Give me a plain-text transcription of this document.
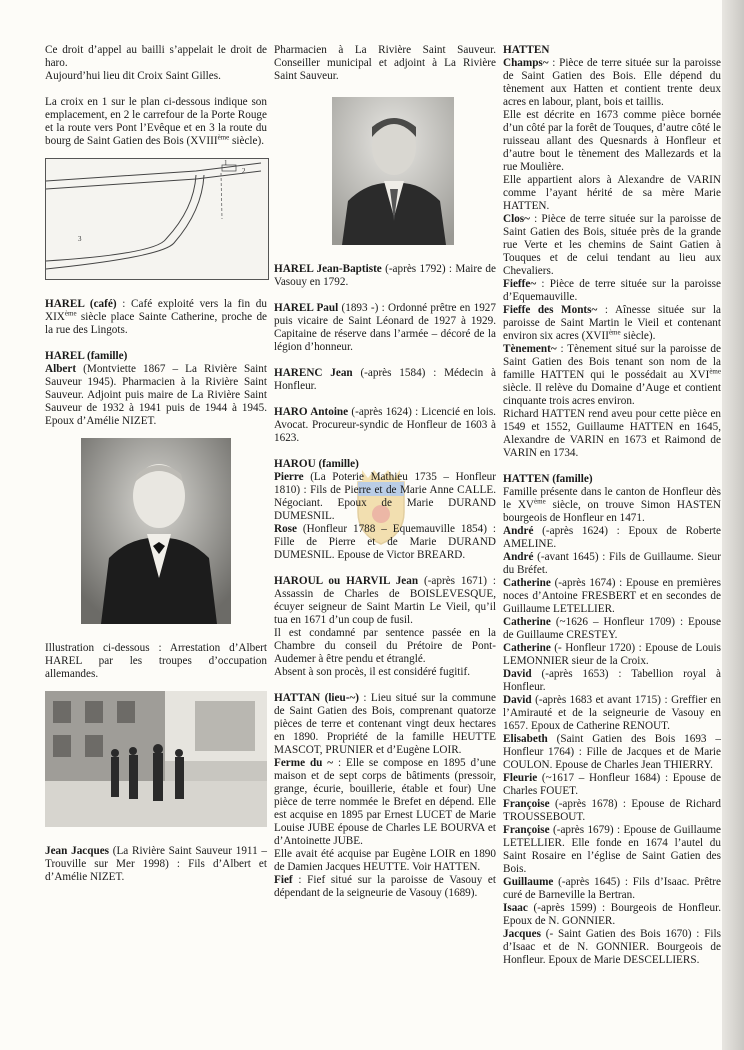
Ce droit d’appel au bailli s’appelait le droit de haro.

Aujourd’hui lieu dit Croix Saint Gilles.

La croix en 1 sur le plan ci-dessous indique son emplacement, en 2 le carrefour de la Porte Rouge et la route vers Pont l’Evêque et en 3 la route du bourg de Saint Gatien des Bois (XVIIIème siècle).

1
2
3

HAREL (café) : Café exploité vers la fin du XIXème siècle place Sainte Catherine, proche de la rue des Lingots.

HAREL (famille)

Albert (Montviette 1867 – La Rivière Saint Sauveur 1945). Pharmacien à la Rivière Saint Sauveur. Adjoint puis maire de La Rivière Saint Sauveur de 1932 à 1941 puis de 1944 à 1945. Epoux d’Amélie NIZET.

Illustration ci-dessous : Arrestation d’Albert HAREL par les troupes d’occupation allemandes.

Jean Jacques (La Rivière Saint Sauveur 1911 – Trouville sur Mer 1998) : Fils d’Albert et d’Amélie NIZET.

Pharmacien à La Rivière Saint Sauveur. Conseiller municipal et adjoint à La Rivière Saint Sauveur.

HAREL Jean-Baptiste (-après 1792) : Maire de Vasouy en 1792.

HAREL Paul (1893 -) : Ordonné prêtre en 1927 puis vicaire de Saint Léonard de 1927 à 1929. Capitaine de réserve dans l’armée – décoré de la légion d’honneur.

HARENC Jean (-après 1584) : Médecin à Honfleur.

HARO Antoine (-après 1624) : Licencié en lois. Avocat. Procureur-syndic de Honfleur de 1603 à 1623.

HAROU (famille)

Pierre (La Poterie Mathieu 1735 – Honfleur 1810) : Fils de Pierre et de Marie Anne CALLE. Négociant. Epoux de Marie DURAND DUMESNIL.

Rose (Honfleur 1788 – Equemauville 1854) : Fille de Pierre et de Marie DURAND DUMESNIL. Epouse de Victor BREARD.

HAROUL ou HARVIL Jean (-après 1671) : Assassin de Charles de BOISLEVESQUE, écuyer seigneur de Saint Martin Le Vieil, qu’il tua en 1671 d’un coup de fusil.

Il est condamné par sentence passée en la Chambre du conseil du Prétoire de Pont-Audemer à être pendu et étranglé.

Absent à son procès, il est considéré fugitif.

HATTAN (lieu-~) : Lieu situé sur la commune de Saint Gatien des Bois, comprenant quatorze pièces de terre et contenant vingt deux hectares en 1890. Propriété de la famille HEUTTE MASCOT, PRUNIER et d’Eugène LOIR.

Ferme du ~ : Elle se compose en 1895 d’une maison et de sept corps de bâtiments (pressoir, grange, écurie, bouillerie, étable et four) Une pièce de terre nommée le Brefet en dépend. Elle est acquise en 1895 par Ernest LUCET de Marie Louise JUBE épouse de Charles LE BOURVA et d’Antoinette JUBE.

Elle avait été acquise par Eugène LOIR en 1890 de Damien Jacques HEUTTE. Voir HATTEN.

Fief : Fief situé sur la paroisse de Vasouy et dépendant de la seigneurie de Vasouy (1689).

HATTEN

Champs~ : Pièce de terre située sur la paroisse de Saint Gatien des Bois. Elle dépend du tènement aux Hatten et contient trente deux acres en labour, plant, bois et taillis.

Elle est décrite en 1673 comme pièce bornée d’un côté par la forêt de Touques, d’autre côté le ruisseau allant des Quesnards à Honfleur et d’autre bout le tènement des Mallezards et la rue Moulière.

Elle appartient alors à Alexandre de VARIN comme l’ayant hérité de sa mère Marie HATTEN.

Clos~ : Pièce de terre située sur la paroisse de Saint Gatien des Bois, située près de la grande rue Verte et les chemins de Saint Gatien à Touques et de celui tendant au lieu aux Chevaliers.

Fieffe~ : Pièce de terre située sur la paroisse d’Equemauville.

Fieffe des Monts~ : Aînesse située sur la paroisse de Saint Martin le Vieil et contenant environ six acres (XVIIème siècle).

Tènement~ : Tènement situé sur la paroisse de Saint Gatien des Bois tenant son nom de la famille HATTEN qui le possédait au XVIème siècle. Il relève du Domaine d’Auge et contient cinquante trois acres environ.

Richard HATTEN rend aveu pour cette pièce en 1549 et 1552, Guillaume HATTEN en 1645, Alexandre de VARIN en 1673 et Raimond de VARIN en 1734.

HATTEN (famille)

Famille présente dans le canton de Honfleur dès le XVème siècle, on trouve Simon HASTEN bourgeois de Honfleur en 1471.

André (-après 1624) : Epoux de Roberte AMELINE.

André (-avant 1645) : Fils de Guillaume. Sieur du Bréfet.

Catherine (-après 1674) : Epouse en premières noces d’Antoine FRESBERT et en secondes de Guillaume LETELLIER.

Catherine (~1626 – Honfleur 1709) : Epouse de Guillaume CRESTEY.

Catherine (- Honfleur 1720) : Epouse de Louis LEMONNIER sieur de la Croix.

David (-après 1653) : Tabellion royal à Honfleur.

David (-après 1683 et avant 1715) : Greffier en l’Amirauté et de la seigneurie de Vasouy en 1657. Epoux de Catherine RENOUT.

Elisabeth (Saint Gatien des Bois 1693 – Honfleur 1764) : Fille de Jacques et de Marie COULON. Epouse de Charles Jean THIERRY.

Fleurie (~1617 – Honfleur 1684) : Epouse de Charles FOUET.

Françoise (-après 1678) : Epouse de Richard TROUSSEBOUT.

Françoise (-après 1679) : Epouse de Guillaume LETELLIER. Elle fonde en 1674 l’autel du Saint Rosaire en l’église de Saint Gatien des Bois.

Guillaume (-après 1645) : Fils d’Isaac. Prêtre curé de Barneville la Bertran.

Isaac (-après 1599) : Bourgeois de Honfleur. Epoux de N. GONNIER.

Jacques (- Saint Gatien des Bois 1670) : Fils d’Isaac et de N. GONNIER. Bourgeois de Honfleur. Epoux de Marie DESCELLIERS.
